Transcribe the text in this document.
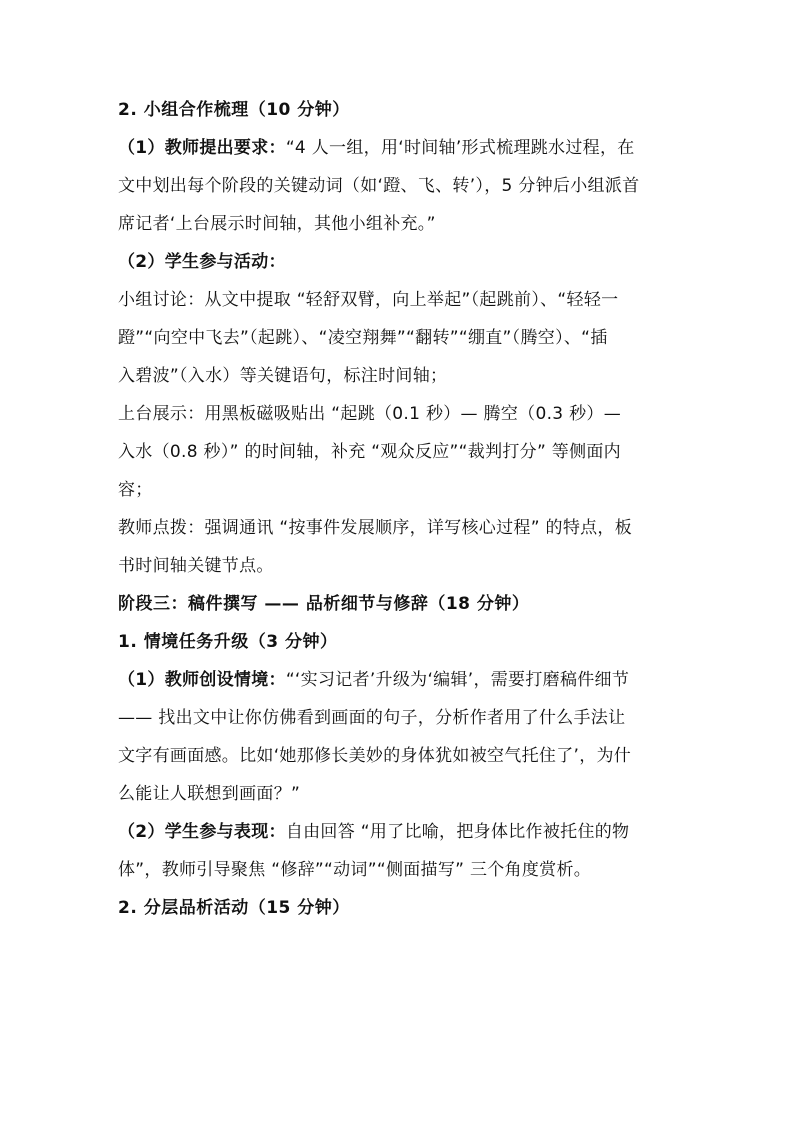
2. 小组合作梳理（10 分钟）

（1）教师提出要求：“4 人一组，用‘时间轴’形式梳理跳水过程，在

文中划出每个阶段的关键动词（如‘蹬、飞、转’），5 分钟后小组派首

席记者‘上台展示时间轴，其他小组补充。”

（2）学生参与活动：

小组讨论：从文中提取 “轻舒双臂，向上举起”（起跳前）、“轻轻一

蹬”“向空中飞去”（起跳）、“凌空翔舞”“翻转”“绷直”（腾空）、“插

入碧波”（入水）等关键语句，标注时间轴；

上台展示：用黑板磁吸贴出 “起跳（0.1 秒）— 腾空（0.3 秒）—

入水（0.8 秒）” 的时间轴，补充 “观众反应”“裁判打分” 等侧面内

容；

教师点拨：强调通讯 “按事件发展顺序，详写核心过程” 的特点，板

书时间轴关键节点。

阶段三：稿件撰写 —— 品析细节与修辞（18 分钟）

1. 情境任务升级（3 分钟）

（1）教师创设情境：“‘实习记者’升级为‘编辑’，需要打磨稿件细节

—— 找出文中让你仿佛看到画面的句子，分析作者用了什么手法让

文字有画面感。比如‘她那修长美妙的身体犹如被空气托住了’，为什

么能让人联想到画面？”

（2）学生参与表现：自由回答 “用了比喻，把身体比作被托住的物

体”，教师引导聚焦 “修辞”“动词”“侧面描写” 三个角度赏析。

2. 分层品析活动（15 分钟）
